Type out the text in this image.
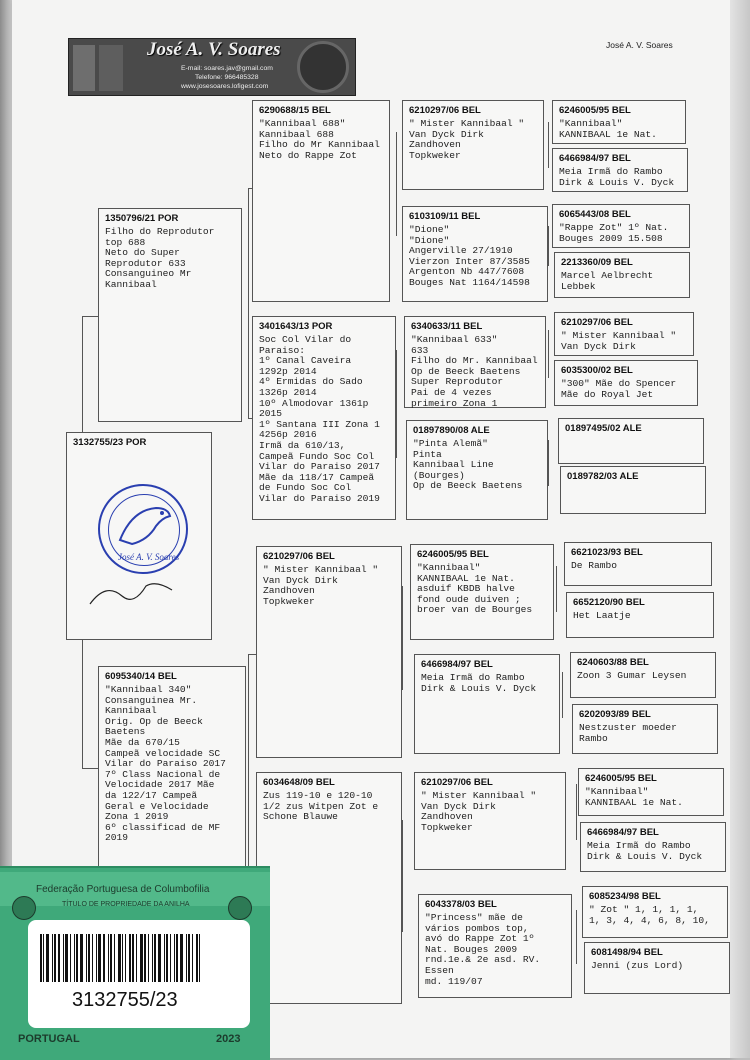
José A. V. Soares
E-mail: soares.jav@gmail.com
Telefone: 966485328
www.josesoares.lofigest.com
José A. V. Soares
3132755/23 POR
José A. V. Soares
1350796/21 POR
Filho do Reprodutor
top 688
Neto do Super
Reprodutor 633
Consanguineo Mr
Kannibaal
6095340/14 BEL
"Kannibaal 340"
Consanguinea Mr.
Kannibaal
Orig. Op de Beeck
Baetens
Mãe da 670/15
Campeã velocidade SC
Vilar do Paraiso 2017
7º Class Nacional de
Velocidade 2017 Mãe
da 122/17 Campeã
Geral e Velocidade
Zona 1 2019
6º classificad de MF
2019
6290688/15 BEL
"Kannibaal 688"
Kannibaal 688
Filho do Mr Kannibaal
Neto do Rappe Zot
3401643/13 POR
Soc Col Vilar do
Paraiso:
1º Canal Caveira
1292p 2014
4º Ermidas do Sado
1326p 2014
10º Almodovar 1361p
2015
1º Santana III Zona 1
4256p 2016
Irmã da 610/13,
Campeã Fundo Soc Col
Vilar do Paraiso 2017
Mãe da 118/17 Campeã
de Fundo Soc Col
Vilar do Paraiso 2019
6210297/06 BEL
" Mister Kannibaal "
Van Dyck Dirk
Zandhoven
Topkweker
6034648/09 BEL
Zus 119-10 e 120-10
1/2 zus Witpen Zot e
Schone Blauwe
6210297/06 BEL
" Mister Kannibaal "
Van Dyck Dirk
Zandhoven
Topkweker
6103109/11 BEL
"Dione"
"Dione"
Angerville 27/1910
Vierzon Inter 87/3585
Argenton Nb 447/7608
Bouges Nat 1164/14598
6340633/11 BEL
"Kannibaal 633"
633
Filho do Mr. Kannibaal
Op de Beeck Baetens
Super Reprodutor
Pai de 4 vezes
primeiro Zona 1
01897890/08 ALE
"Pinta Alemã"
Pinta
Kannibaal Line
(Bourges)
Op de Beeck Baetens
6246005/95 BEL
"Kannibaal"
KANNIBAAL 1e Nat.
asduif KBDB halve
fond oude duiven ;
broer van de Bourges
6466984/97 BEL
Meia Irmã do Rambo
Dirk & Louis V. Dyck
6210297/06 BEL
" Mister Kannibaal "
Van Dyck Dirk
Zandhoven
Topkweker
6043378/03 BEL
"Princess" mãe de
vários pombos top,
avó do Rappe Zot 1º
Nat. Bouges 2009
rnd.1e.& 2e asd. RV.
Essen
md. 119/07
6246005/95 BEL
"Kannibaal"
KANNIBAAL 1e Nat.
6466984/97 BEL
Meia Irmã do Rambo
Dirk & Louis V. Dyck
6065443/08 BEL
"Rappe Zot" 1º Nat.
Bouges 2009 15.508
2213360/09 BEL
Marcel Aelbrecht
Lebbek
6210297/06 BEL
" Mister Kannibaal "
Van Dyck Dirk
6035300/02 BEL
"300" Mãe do Spencer
Mãe do Royal Jet
01897495/02 ALE
0189782/03 ALE
6621023/93 BEL
De Rambo
6652120/90 BEL
Het Laatje
6240603/88 BEL
Zoon 3 Gumar Leysen
6202093/89 BEL
Nestzuster moeder
Rambo
6246005/95 BEL
"Kannibaal"
KANNIBAAL 1e Nat.
6466984/97 BEL
Meia Irmã do Rambo
Dirk & Louis V. Dyck
6085234/98 BEL
" Zot " 1, 1, 1, 1,
1, 3, 4, 4, 6, 8, 10,
6081498/94 BEL
Jenni (zus Lord)
Federação Portuguesa de Columbofilia
TÍTULO DE PROPRIEDADE DA ANILHA
3132755/23
PORTUGAL	2023
